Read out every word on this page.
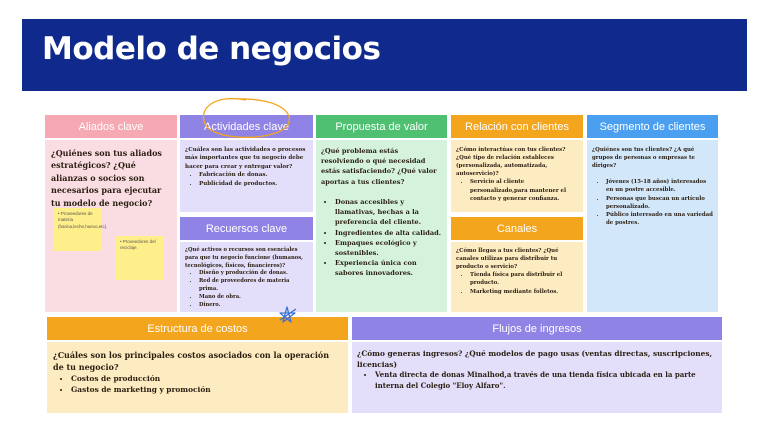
Modelo de negocios
Aliados clave
¿Quiénes son tus aliados estratégicos? ¿Qué alianzas o socios son necesarios para ejecutar tu modelo de negocio?
• Proveedores de materia (harina,leche,huevo,etc).
• Proveedores del reciclaje.
Actividades clave
¿Cuáles son las actividades o procesos más importantes que tu negocio debe hacer para crear y entregar valor?
• Fabricación de donas.
• Publicidad de productos.
Recuersos clave
¿Qué activos o recursos son esenciales para que tu negocio funcione (humanos, tecnológicos, físicos, financieros)?
• Diseño y producción de donas.
• Red de proveedores de materia prima.
• Mano de obra.
• Dinero.
Propuesta de valor
¿Qué problema estás resolviendo o qué necesidad estás satisfaciendo? ¿Qué valor aportas a tus clientes?
• Donas accesibles y llamativas, hechas a la preferencia del cliente.
• Ingredientes de alta calidad.
• Empaques ecológico y sostenibles.
• Experiencia única con sabores innovadores.
Relación con clientes
¿Cómo interactúas con tus clientes? ¿Qué tipo de relación estableces (personalizada, automatizada, autoservicio)?
• Servicio al cliente personalizado,para mantener el contacto y generar confianza.
Canales
¿Cómo llegas a tus clientes? ¿Qué canales utilizas para distribuir tu producto o servicio?
• Tienda física para distribuir el producto.
• Marketing mediante folletos.
Segmento de clientes
¿Quiénes son tus clientes? ¿A qué grupos de personas o empresas te diriges?
• Jóvenes (15-18 años) interesados en un postre accesible.
• Personas que buscan un artículo personalizado.
• Público interesado en una variedad de postres.
Estructura de costos
¿Cuáles son los principales costos asociados con la operación de tu negocio?
• Costos de producción
• Gastos de marketing y promoción
Flujos de ingresos
¿Cómo generas ingresos? ¿Qué modelos de pago usas (ventas directas, suscripciones, licencias)
• Venta directa de donas Minalhod,a través de una tienda física ubicada en la parte interna del Colegio "Eloy Alfaro".
